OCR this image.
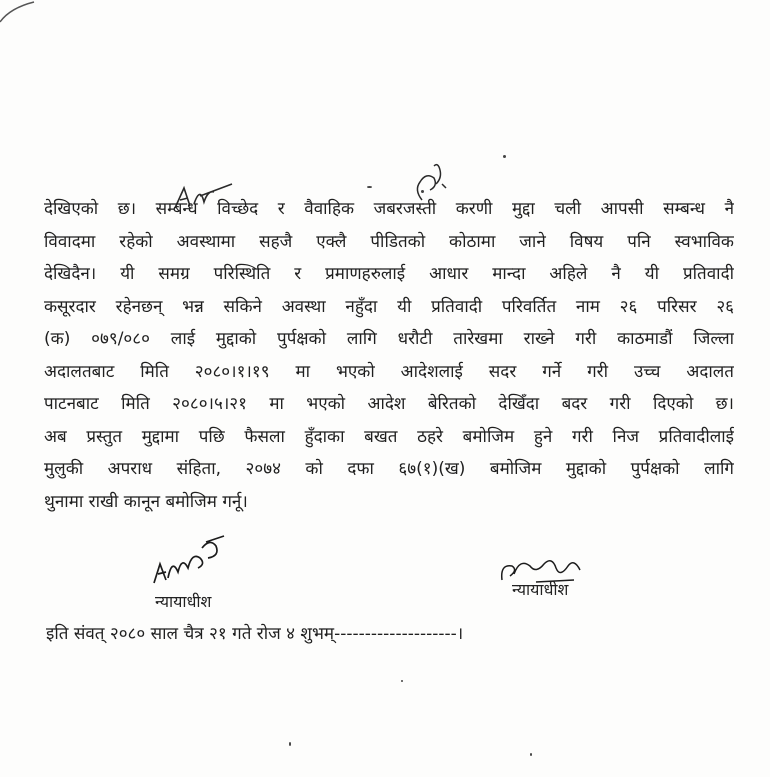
देखिएको छ। सम्बन्ध विच्छेद र वैवाहिक जबरजस्ती करणी मुद्दा चली आपसी सम्बन्ध नै
विवादमा रहेको अवस्थामा सहजै एक्लै पीडितको कोठामा जाने विषय पनि स्वभाविक
देखिदैन। यी समग्र परिस्थिति र प्रमाणहरुलाई आधार मान्दा अहिले नै यी प्रतिवादी
कसूरदार रहेनछन् भन्न सकिने अवस्था नहुँदा यी प्रतिवादी परिवर्तित नाम २६ परिसर २६
(क) ०७९/०८० लाई मुद्दाको पुर्पक्षको लागि धरौटी तारेखमा राख्ने गरी काठमाडौं जिल्ला
अदालतबाट मिति २०८०।१।१९ मा भएको आदेशलाई सदर गर्ने गरी उच्च अदालत
पाटनबाट मिति २०८०।५।२१ मा भएको आदेश बेरितको देखिँदा बदर गरी दिएको छ।
अब प्रस्तुत मुद्दामा पछि फैसला हुँदाका बखत ठहरे बमोजिम हुने गरी निज प्रतिवादीलाई
मुलुकी अपराध संहिता, २०७४ को दफा ६७(१)(ख) बमोजिम मुद्दाको पुर्पक्षको लागि
थुनामा राखी कानून बमोजिम गर्नू।
न्यायाधीश
न्यायाधीश
इति संवत् २०८० साल चैत्र २१ गते रोज ४ शुभम्--------------------।
